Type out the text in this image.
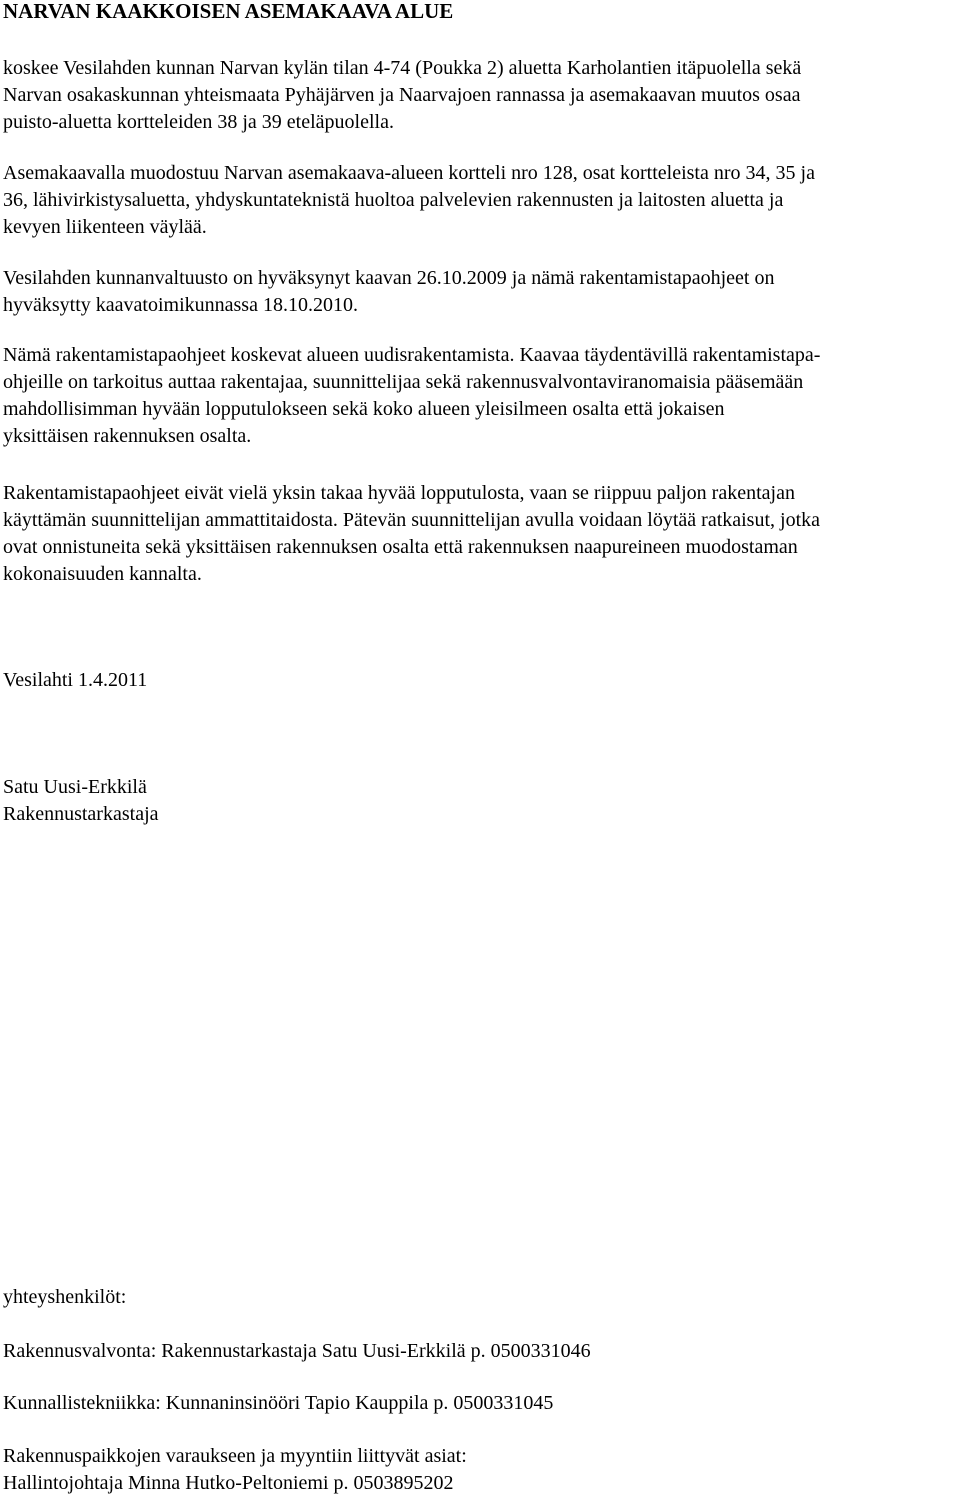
NARVAN KAAKKOISEN ASEMAKAAVA ALUE

koskee Vesilahden kunnan Narvan kylän tilan 4-74 (Poukka 2) aluetta Karholantien itäpuolella sekä
Narvan osakaskunnan yhteismaata Pyhäjärven ja Naarvajoen rannassa ja asemakaavan muutos osaa
puisto-aluetta kortteleiden 38 ja 39 eteläpuolella.

Asemakaavalla muodostuu Narvan asemakaava-alueen kortteli nro 128, osat kortteleista nro 34, 35 ja
36, lähivirkistysaluetta, yhdyskuntateknistä huoltoa palvelevien rakennusten ja laitosten aluetta ja
kevyen liikenteen väylää.

Vesilahden kunnanvaltuusto on hyväksynyt kaavan 26.10.2009 ja nämä rakentamistapaohjeet on
hyväksytty kaavatoimikunnassa 18.10.2010.

Nämä rakentamistapaohjeet koskevat alueen uudisrakentamista. Kaavaa täydentävillä rakentamistapa-
ohjeille on tarkoitus auttaa rakentajaa, suunnittelijaa sekä rakennusvalvontaviranomaisia pääsemään
mahdollisimman hyvään lopputulokseen sekä koko alueen yleisilmeen osalta että jokaisen
yksittäisen rakennuksen osalta.

Rakentamistapaohjeet eivät vielä yksin takaa hyvää lopputulosta, vaan se riippuu paljon rakentajan
käyttämän suunnittelijan ammattitaidosta. Pätevän suunnittelijan avulla voidaan löytää ratkaisut, jotka
ovat onnistuneita sekä yksittäisen rakennuksen osalta että rakennuksen naapureineen muodostaman
kokonaisuuden kannalta.

Vesilahti 1.4.2011
Satu Uusi-Erkkilä
Rakennustarkastaja
yhteyshenkilöt:
Rakennusvalvonta: Rakennustarkastaja Satu Uusi-Erkkilä p. 0500331046
Kunnallistekniikka: Kunnaninsinööri Tapio Kauppila p. 0500331045
Rakennuspaikkojen varaukseen ja myyntiin liittyvät asiat:
Hallintojohtaja Minna Hutko-Peltoniemi p. 0503895202
